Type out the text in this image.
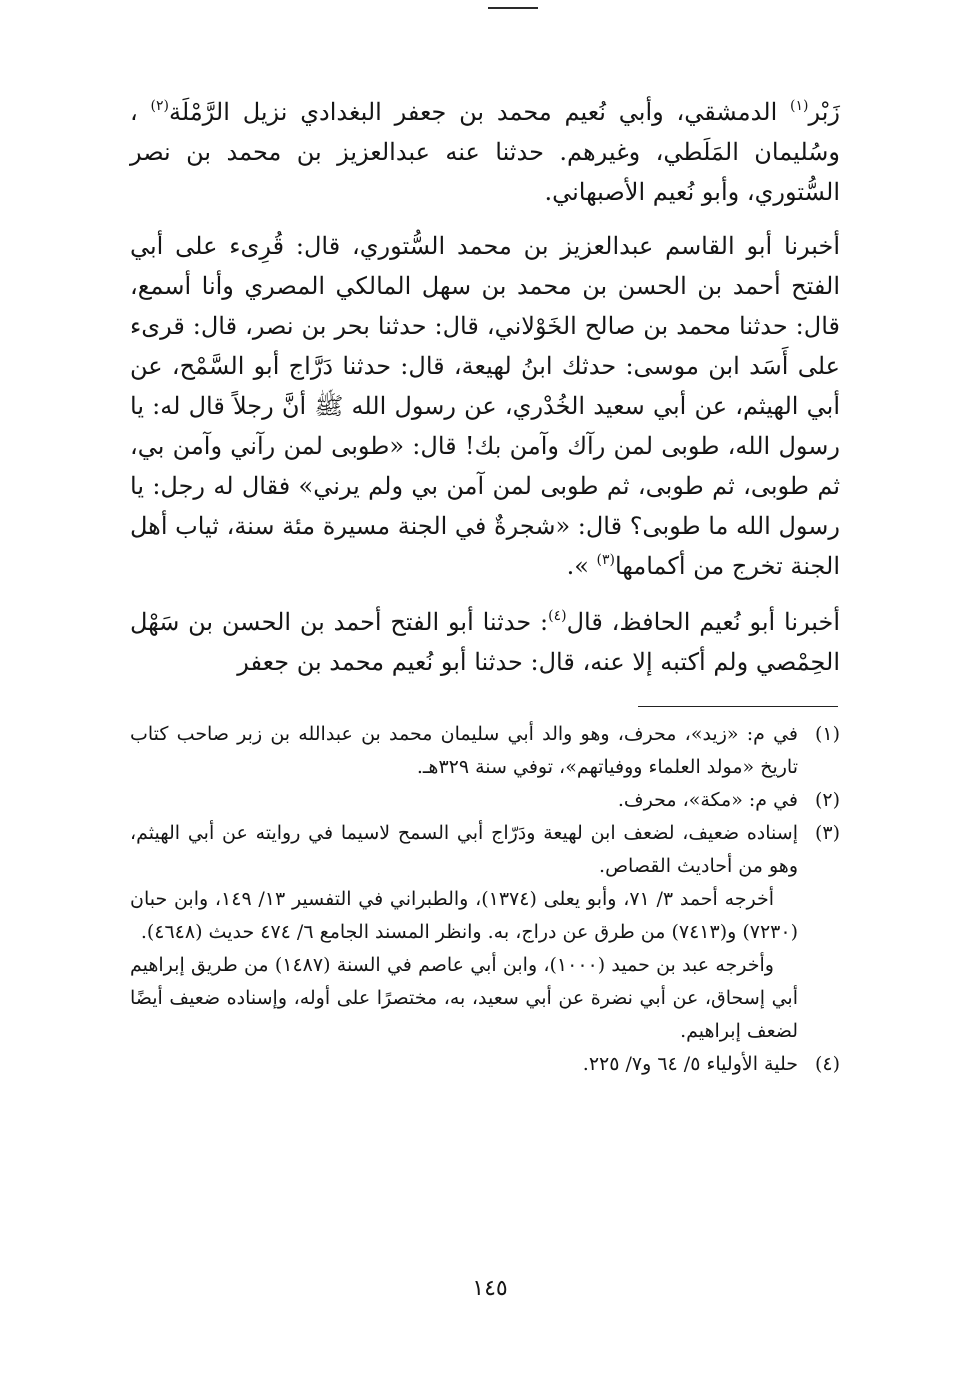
زَبْر$^{(١)}$ الدمشقي، وأبي نُعيم محمد بن جعفر البغدادي نزيل الرَّمْلَة$^{(٢)}$ ، وسُليمان المَلَطي، وغيرهم. حدثنا عنه عبدالعزيز بن محمد بن نصر السُّتوري، وأبو نُعيم الأصبهاني.

أخبرنا أبو القاسم عبدالعزيز بن محمد السُّتوري، قال: قُرِىء على أبي الفتح أحمد بن الحسن بن محمد بن سهل المالكي المصري وأنا أسمع، قال: حدثنا محمد بن صالح الخَوْلاني، قال: حدثنا بحر بن نصر، قال: قرىء على أَسَد ابن موسى: حدثك ابنُ لهيعة، قال: حدثنا دَرَّاج أبو السَّمْح، عن أبي الهيثم، عن أبي سعيد الخُدْري، عن رسول الله ﷺ أنَّ رجلاً قال له: يا رسول الله، طوبى لمن رآك وآمن بك! قال: «طوبى لمن رآني وآمن بي، ثم طوبى، ثم طوبى، ثم طوبى لمن آمن بي ولم يرني» فقال له رجل: يا رسول الله ما طوبى؟ قال: «شجرةٌ في الجنة مسيرة مئة سنة، ثياب أهل الجنة تخرج من أكمامها$^{(٣)}$ ».

أخبرنا أبو نُعيم الحافظ، قال$^{(٤)}$: حدثنا أبو الفتح أحمد بن الحسن بن سَهْل الحِمْصي ولم أكتبه إلا عنه، قال: حدثنا أبو نُعيم محمد بن جعفر

(١)
في م: «زيد»، محرف، وهو والد أبي سليمان محمد بن عبدالله بن زبر صاحب كتاب تاريخ «مولد العلماء ووفياتهم»، توفي سنة ٣٢٩هـ.
(٢)
في م: «مكة»، محرف.
(٣)
إسناده ضعيف، لضعف ابن لهيعة ودَرّاج أبي السمح لاسيما في روايته عن أبي الهيثم، وهو من أحاديث القصاص.
أخرجه أحمد ٣/ ٧١، وأبو يعلى (١٣٧٤)، والطبراني في التفسير ١٣/ ١٤٩، وابن حبان (٧٢٣٠) و(٧٤١٣) من طرق عن دراج، به. وانظر المسند الجامع ٦/ ٤٧٤ حديث (٤٦٤٨).
وأخرجه عبد بن حميد (١٠٠٠)، وابن أبي عاصم في السنة (١٤٨٧) من طريق إبراهيم أبي إسحاق، عن أبي نضرة عن أبي سعيد، به، مختصرًا على أوله، وإسناده ضعيف أيضًا لضعف إبراهيم.
(٤)
حلية الأولياء ٥/ ٦٤ و٧/ ٢٢٥.
١٤٥
